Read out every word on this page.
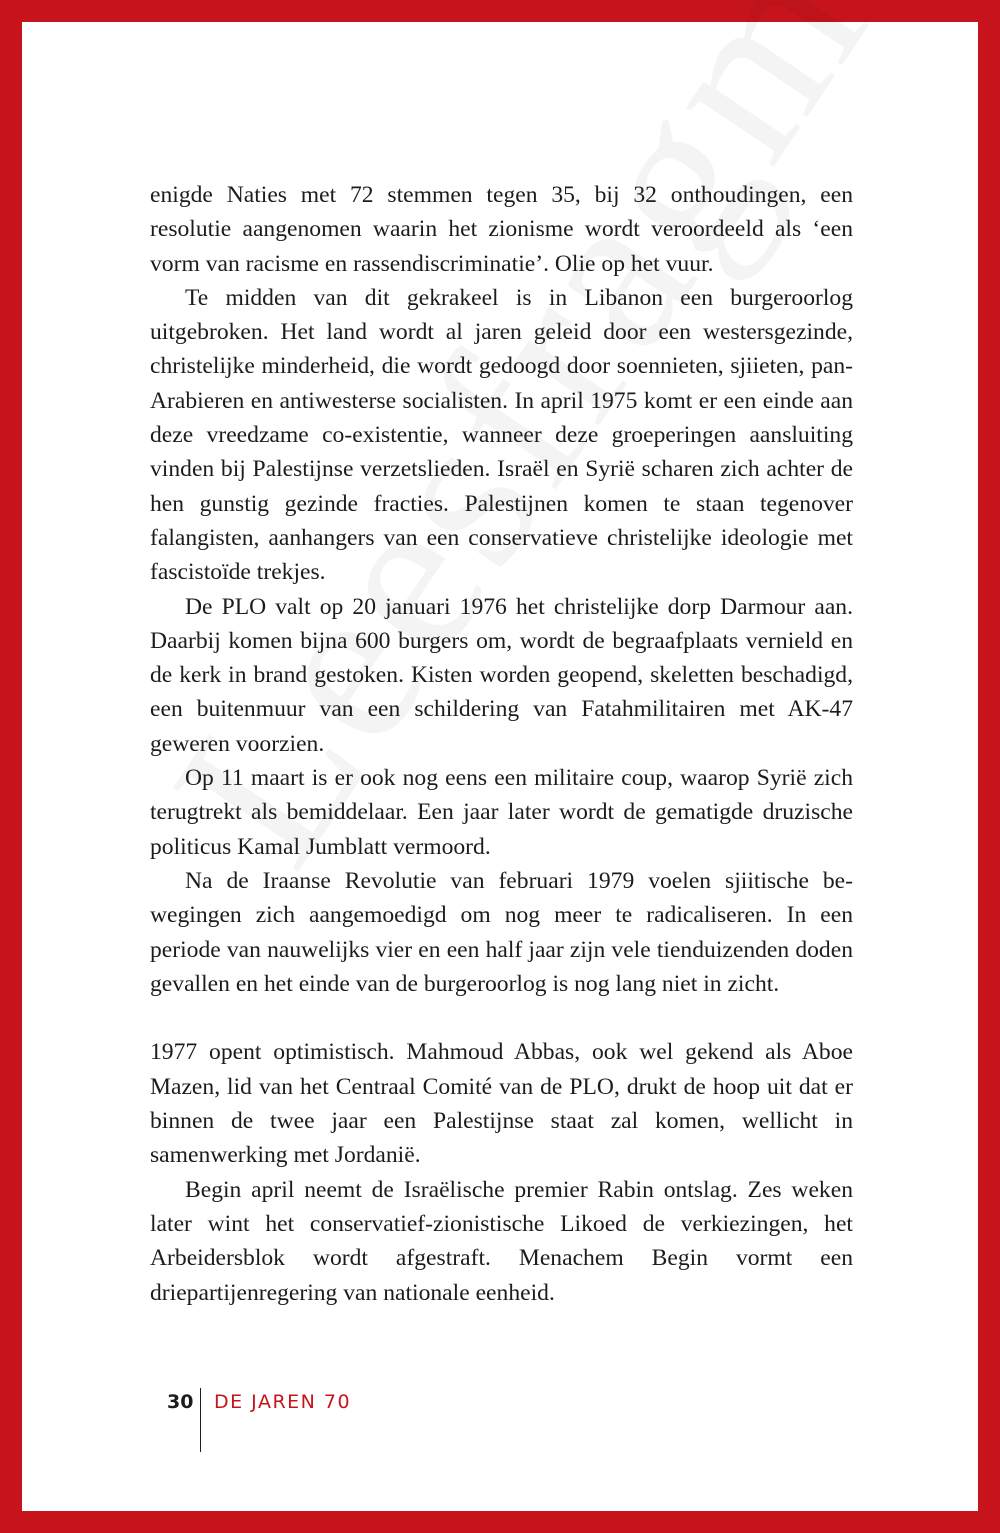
enigde Naties met 72 stemmen tegen 35, bij 32 onthoudingen, een resolutie aangenomen waarin het zionisme wordt veroordeeld als ‘een vorm van racisme en rassendiscriminatie’. Olie op het vuur.

Te midden van dit gekrakeel is in Libanon een burgeroorlog uitgebroken. Het land wordt al jaren geleid door een westersgezinde, christelijke minderheid, die wordt gedoogd door soennieten, sjiieten, pan-Arabieren en antiwesterse socialisten. In april 1975 komt er een einde aan deze vreedzame co-existentie, wanneer deze groeperingen aansluiting vinden bij Palestijnse verzetslieden. Israël en Syrië scharen zich achter de hen gunstig gezinde fracties. Palestijnen komen te staan tegenover falangisten, aanhangers van een conservatieve christelijke ideologie met fascistoïde trekjes.

De PLO valt op 20 januari 1976 het christelijke dorp Darmour aan. Daarbij komen bijna 600 burgers om, wordt de begraafplaats vernield en de kerk in brand gestoken. Kisten worden geopend, skeletten beschadigd, een buitenmuur van een schildering van Fatahmilitairen met AK-47 geweren voorzien.

Op 11 maart is er ook nog eens een militaire coup, waarop Syrië zich terugtrekt als bemiddelaar. Een jaar later wordt de gematigde druzische politicus Kamal Jumblatt vermoord.

Na de Iraanse Revolutie van februari 1979 voelen sjiitische bewegingen zich aangemoedigd om nog meer te radicaliseren. In een periode van nauwelijks vier en een half jaar zijn vele tienduizenden doden gevallen en het einde van de burgeroorlog is nog lang niet in zicht.

1977 opent optimistisch. Mahmoud Abbas, ook wel gekend als Aboe Mazen, lid van het Centraal Comité van de PLO, drukt de hoop uit dat er binnen de twee jaar een Palestijnse staat zal komen, wellicht in samenwerking met Jordanië.

Begin april neemt de Israëlische premier Rabin ontslag. Zes weken later wint het conservatief-zionistische Likoed de verkiezingen, het Arbeidersblok wordt afgestraft. Menachem Begin vormt een driepartijenregering van nationale eenheid.

30 DE JAREN 70
